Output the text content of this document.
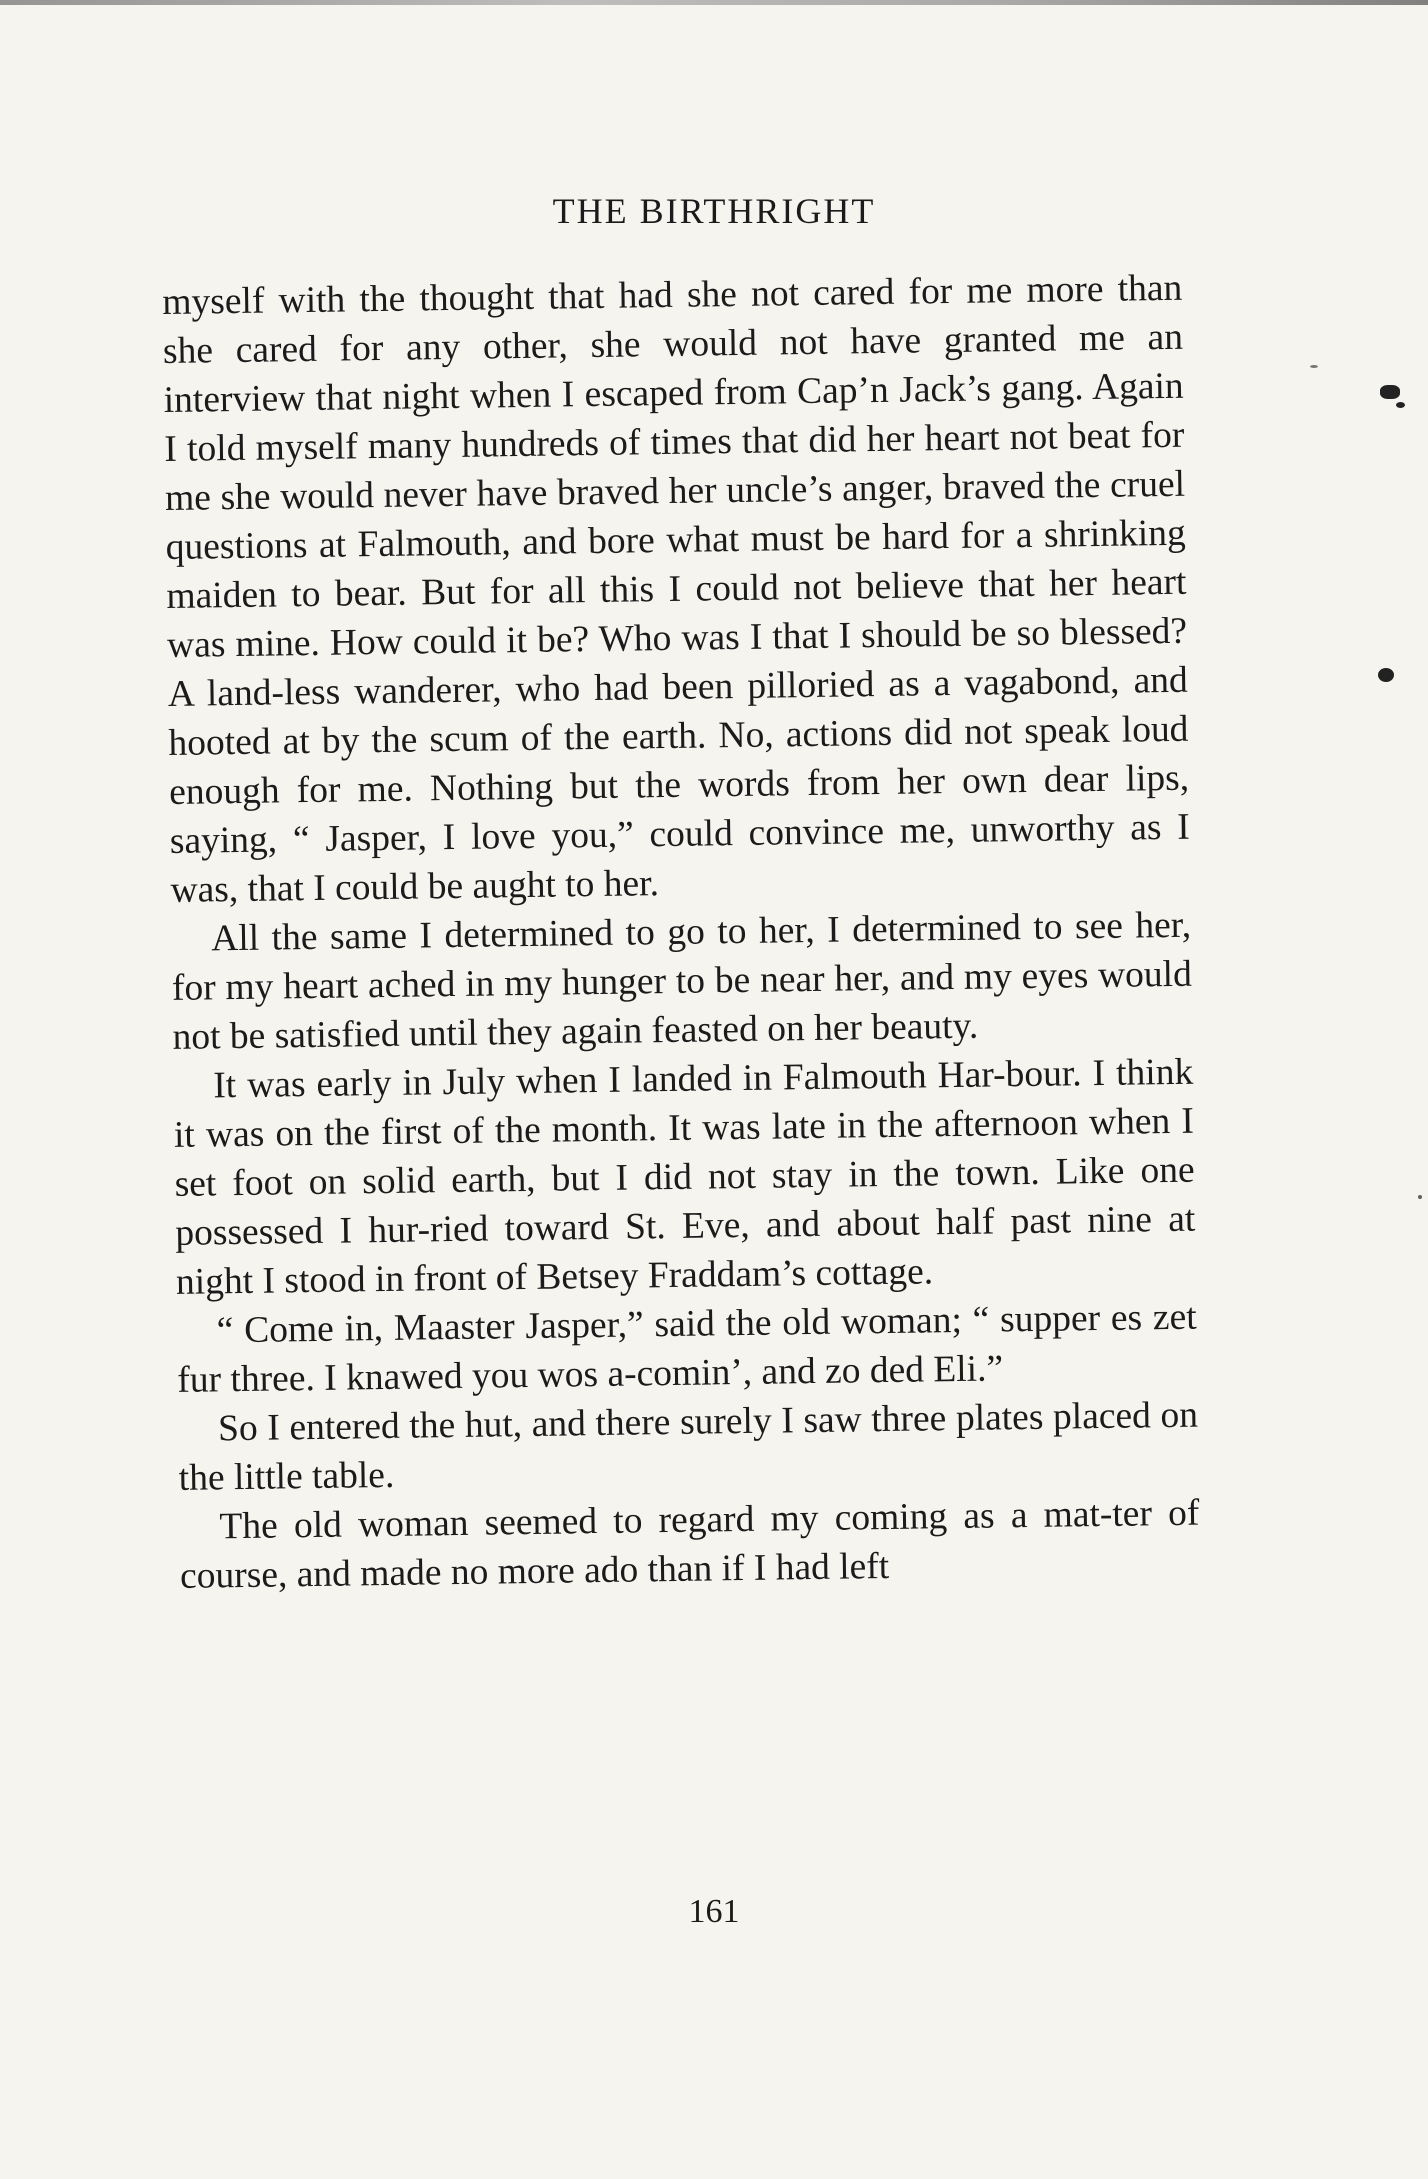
THE BIRTHRIGHT

myself with the thought that had she not cared for me more than she cared for any other, she would not have granted me an interview that night when I escaped from Cap’n Jack’s gang. Again I told myself many hundreds of times that did her heart not beat for me she would never have braved her uncle’s anger, braved the cruel questions at Falmouth, and bore what must be hard for a shrinking maiden to bear. But for all this I could not believe that her heart was mine. How could it be? Who was I that I should be so blessed? A land-less wanderer, who had been pilloried as a vagabond, and hooted at by the scum of the earth. No, actions did not speak loud enough for me. Nothing but the words from her own dear lips, saying, “ Jasper, I love you,” could convince me, unworthy as I was, that I could be aught to her.

All the same I determined to go to her, I determined to see her, for my heart ached in my hunger to be near her, and my eyes would not be satisfied until they again feasted on her beauty.

It was early in July when I landed in Falmouth Har-bour. I think it was on the first of the month. It was late in the afternoon when I set foot on solid earth, but I did not stay in the town. Like one possessed I hur-ried toward St. Eve, and about half past nine at night I stood in front of Betsey Fraddam’s cottage.

“ Come in, Maaster Jasper,” said the old woman; “ supper es zet fur three. I knawed you wos a-comin’, and zo ded Eli.”

So I entered the hut, and there surely I saw three plates placed on the little table.

The old woman seemed to regard my coming as a mat-ter of course, and made no more ado than if I had left

161
